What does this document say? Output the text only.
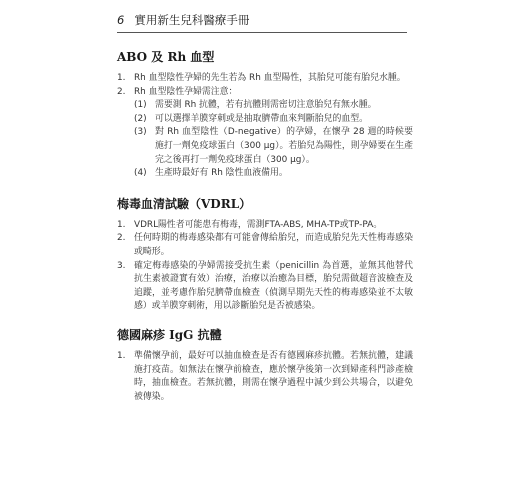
6 實用新生兒科醫療手冊
ABO 及 Rh 血型
1. Rh 血型陰性孕婦的先生若為 Rh 血型陽性，其胎兒可能有胎兒水腫。
2. Rh 血型陰性孕婦需注意：
(1) 需要測 Rh 抗體，若有抗體則需密切注意胎兒有無水腫。
(2) 可以選擇羊膜穿刺或是抽取臍帶血來判斷胎兒的血型。
(3) 對 Rh 血型陰性（D-negative）的孕婦，在懷孕 28 週的時候要施打一劑免疫球蛋白（300 µg）。若胎兒為陽性，則孕婦要在生產完之後再打一劑免疫球蛋白（300 µg）。
(4) 生產時最好有 Rh 陰性血液備用。
梅毒血清試驗（VDRL）
1. VDRL陽性者可能患有梅毒，需測FTA-ABS, MHA-TP或TP-PA。
2. 任何時期的梅毒感染都有可能會傳給胎兒，而造成胎兒先天性梅毒感染或畸形。
3. 確定梅毒感染的孕婦需接受抗生素（penicillin 為首選，並無其他替代抗生素被證實有效）治療，治療以治癒為目標，胎兒需做超音波檢查及追蹤，並考慮作胎兒臍帶血檢查（偵測早期先天性的梅毒感染並不太敏感）或羊膜穿刺術，用以診斷胎兒是否被感染。
德國麻疹 IgG 抗體
1. 準備懷孕前，最好可以抽血檢查是否有德國麻疹抗體。若無抗體，建議施打疫苗。如無法在懷孕前檢查，應於懷孕後第一次到婦產科門診產檢時，抽血檢查。若無抗體，則需在懷孕過程中減少到公共場合，以避免被傳染。
